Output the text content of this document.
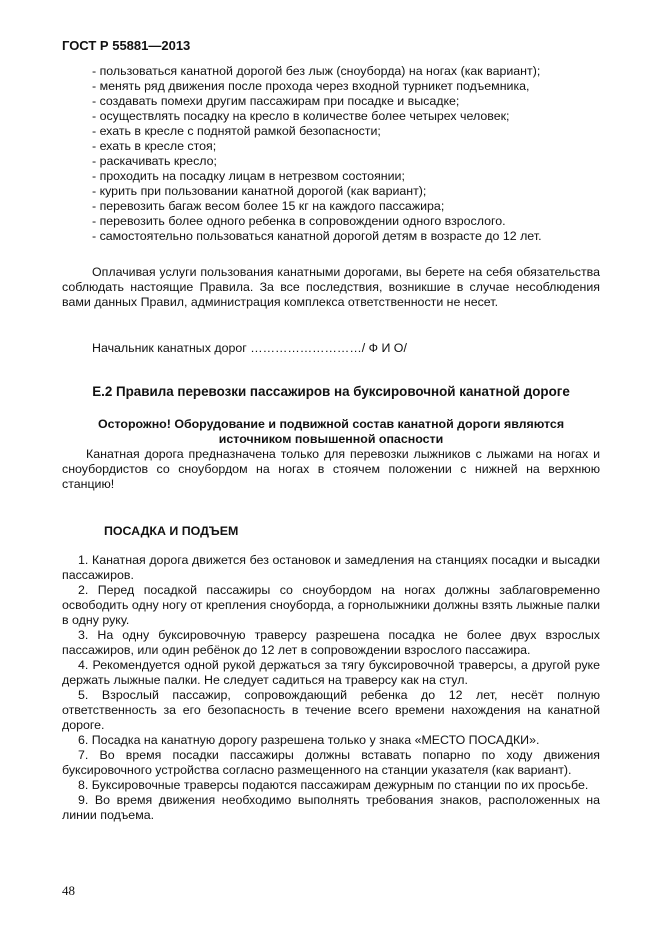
ГОСТ Р 55881—2013
- пользоваться канатной дорогой без лыж (сноуборда) на ногах (как вариант);
- менять ряд движения после прохода через входной турникет подъемника,
- создавать помехи другим пассажирам при посадке и высадке;
- осуществлять посадку на кресло в количестве более четырех человек;
- ехать в кресле с поднятой рамкой безопасности;
- ехать в кресле стоя;
- раскачивать кресло;
- проходить на посадку лицам в нетрезвом состоянии;
- курить при пользовании канатной дорогой (как вариант);
- перевозить багаж весом более 15 кг на каждого пассажира;
- перевозить более одного ребенка в сопровождении одного взрослого.
- самостоятельно пользоваться канатной дорогой детям в возрасте до 12 лет.

Оплачивая услуги пользования канатными дорогами, вы берете на себя обязательства соблюдать настоящие Правила. За все последствия, возникшие в случае несоблюдения вами данных Правил, администрация комплекса ответственности не несет.

Начальник канатных дорог ………………………/ Ф И О/
Е.2 Правила перевозки пассажиров на буксировочной канатной дороге
Осторожно! Оборудование и подвижной состав канатной дороги являются
источником повышенной опасности

Канатная дорога предназначена только для перевозки лыжников с лыжами на ногах и сноубордистов со сноубордом на ногах в стоячем положении с нижней на верхнюю станцию!

ПОСАДКА И ПОДЪЕМ
1. Канатная дорога движется без остановок и замедления на станциях посадки и высадки пассажиров.
2. Перед посадкой пассажиры со сноубордом на ногах должны заблаговременно освободить одну ногу от крепления сноуборда, а горнолыжники должны взять лыжные палки в одну руку.
3. На одну буксировочную траверсу разрешена посадка не более двух взрослых пассажиров, или один ребёнок до 12 лет в сопровождении взрослого пассажира.
4. Рекомендуется одной рукой держаться за тягу буксировочной траверсы, а другой руке держать лыжные палки. Не следует садиться на траверсу как на стул.
5. Взрослый пассажир, сопровождающий ребенка до 12 лет, несёт полную ответственность за его безопасность в течение всего времени нахождения на канатной дороге.
6. Посадка на канатную дорогу разрешена только у знака «МЕСТО ПОСАДКИ».
7. Во время посадки пассажиры должны вставать попарно по ходу движения буксировочного устройства согласно размещенного на станции указателя (как вариант).
8. Буксировочные траверсы подаются пассажирам дежурным по станции по их просьбе.
9. Во время движения необходимо выполнять требования знаков, расположенных на линии подъема.
48
